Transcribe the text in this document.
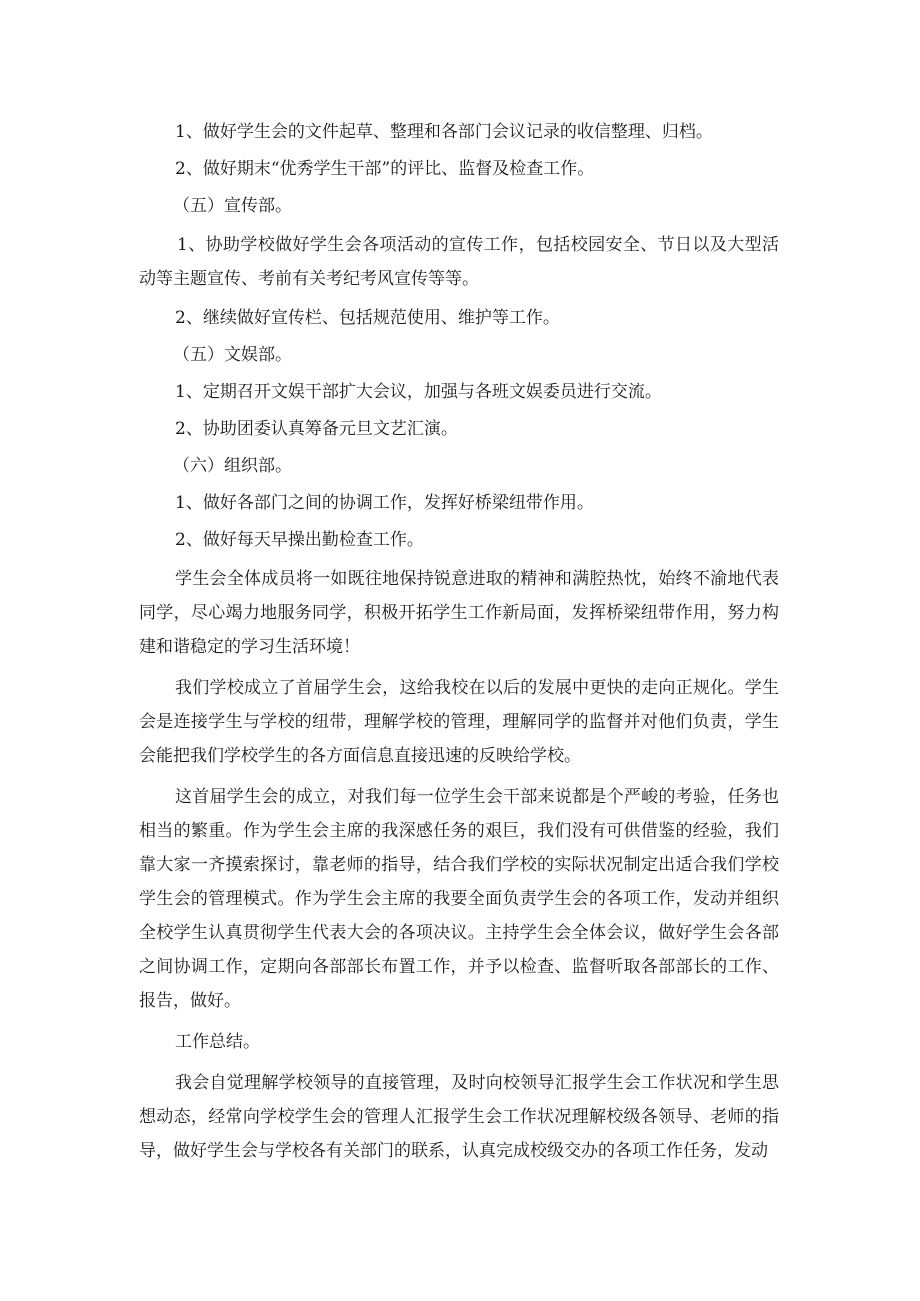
1、做好学生会的文件起草、整理和各部门会议记录的收信整理、归档。

2、做好期末“优秀学生干部”的评比、监督及检查工作。

（五）宣传部。

1、协助学校做好学生会各项活动的宣传工作，包括校园安全、节日以及大型活动等主题宣传、考前有关考纪考风宣传等等。

2、继续做好宣传栏、包括规范使用、维护等工作。

（五）文娱部。

1、定期召开文娱干部扩大会议，加强与各班文娱委员进行交流。

2、协助团委认真筹备元旦文艺汇演。

（六）组织部。

1、做好各部门之间的协调工作，发挥好桥梁纽带作用。

2、做好每天早操出勤检查工作。

学生会全体成员将一如既往地保持锐意进取的精神和满腔热忱，始终不渝地代表同学，尽心竭力地服务同学，积极开拓学生工作新局面，发挥桥梁纽带作用，努力构建和谐稳定的学习生活环境！

我们学校成立了首届学生会，这给我校在以后的发展中更快的走向正规化。学生会是连接学生与学校的纽带，理解学校的管理，理解同学的监督并对他们负责，学生会能把我们学校学生的各方面信息直接迅速的反映给学校。

这首届学生会的成立，对我们每一位学生会干部来说都是个严峻的考验，任务也相当的繁重。作为学生会主席的我深感任务的艰巨，我们没有可供借鉴的经验，我们靠大家一齐摸索探讨，靠老师的指导，结合我们学校的实际状况制定出适合我们学校学生会的管理模式。作为学生会主席的我要全面负责学生会的各项工作，发动并组织全校学生认真贯彻学生代表大会的各项决议。主持学生会全体会议，做好学生会各部之间协调工作，定期向各部部长布置工作，并予以检查、监督听取各部部长的工作、报告，做好。

工作总结。

我会自觉理解学校领导的直接管理，及时向校领导汇报学生会工作状况和学生思想动态，经常向学校学生会的管理人汇报学生会工作状况理解校级各领导、老师的指导，做好学生会与学校各有关部门的联系，认真完成校级交办的各项工作任务，发动
